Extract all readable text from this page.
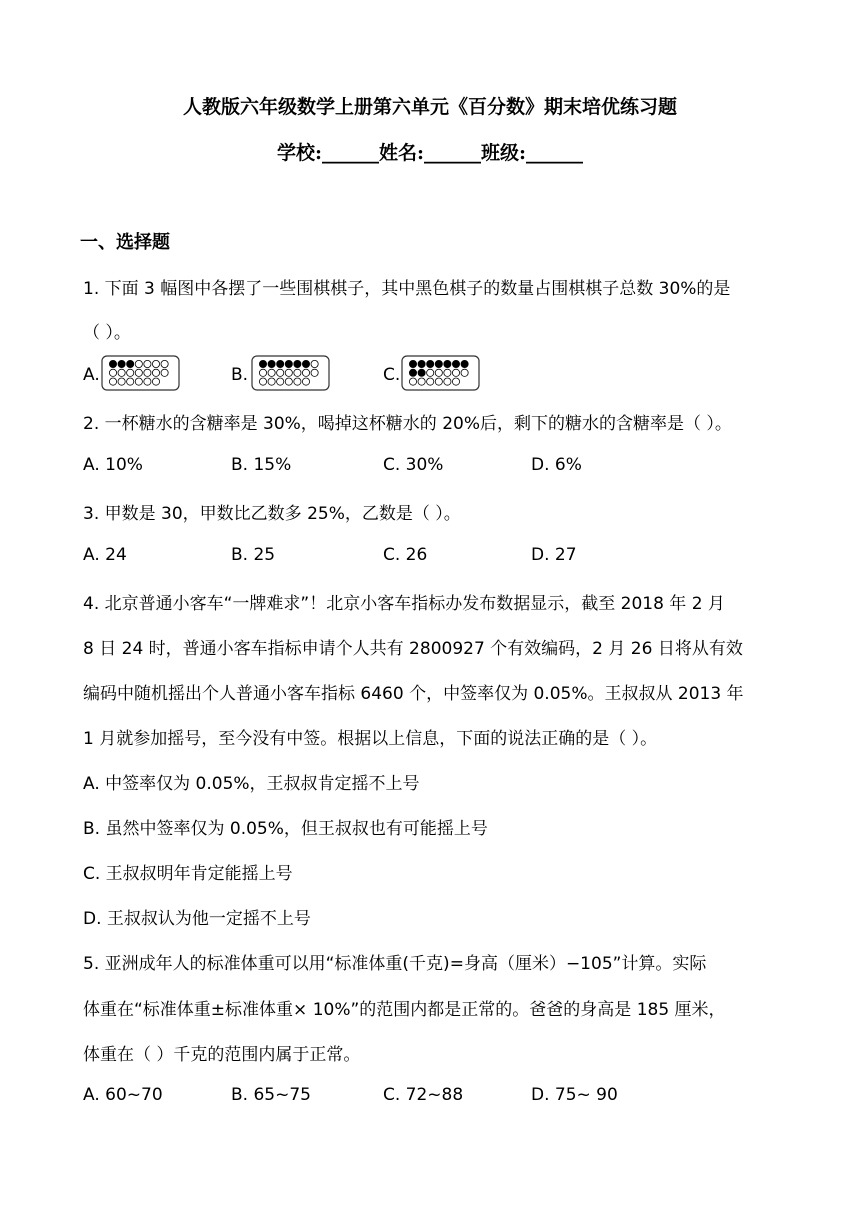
人教版六年级数学上册第六单元《百分数》期末培优练习题
学校:______姓名:______班级:______
一、选择题
1. 下面 3 幅图中各摆了一些围棋棋子，其中黑色棋子的数量占围棋棋子总数 30%的是
（ ）。
A.	B.	C.
2. 一杯糖水的含糖率是 30%，喝掉这杯糖水的 20%后，剩下的糖水的含糖率是（ ）。
A. 10%	B. 15%	C. 30%	D. 6%
3. 甲数是 30，甲数比乙数多 25%，乙数是（ ）。
A. 24	B. 25	C. 26	D. 27
4. 北京普通小客车“一牌难求”！北京小客车指标办发布数据显示，截至 2018 年 2 月
8 日 24 时，普通小客车指标申请个人共有 2800927 个有效编码，2 月 26 日将从有效
编码中随机摇出个人普通小客车指标 6460 个，中签率仅为 0.05%。王叔叔从 2013 年
1 月就参加摇号，至今没有中签。根据以上信息，下面的说法正确的是（ ）。
A. 中签率仅为 0.05%，王叔叔肯定摇不上号
B. 虽然中签率仅为 0.05%，但王叔叔也有可能摇上号
C. 王叔叔明年肯定能摇上号
D. 王叔叔认为他一定摇不上号
5. 亚洲成年人的标准体重可以用“标准体重(千克)=身高（厘米）−105”计算。实际
体重在“标准体重±标准体重× 10%”的范围内都是正常的。爸爸的身高是 185 厘米，
体重在（ ）千克的范围内属于正常。
A. 60~70	B. 65~75	C. 72~88	D. 75~ 90
